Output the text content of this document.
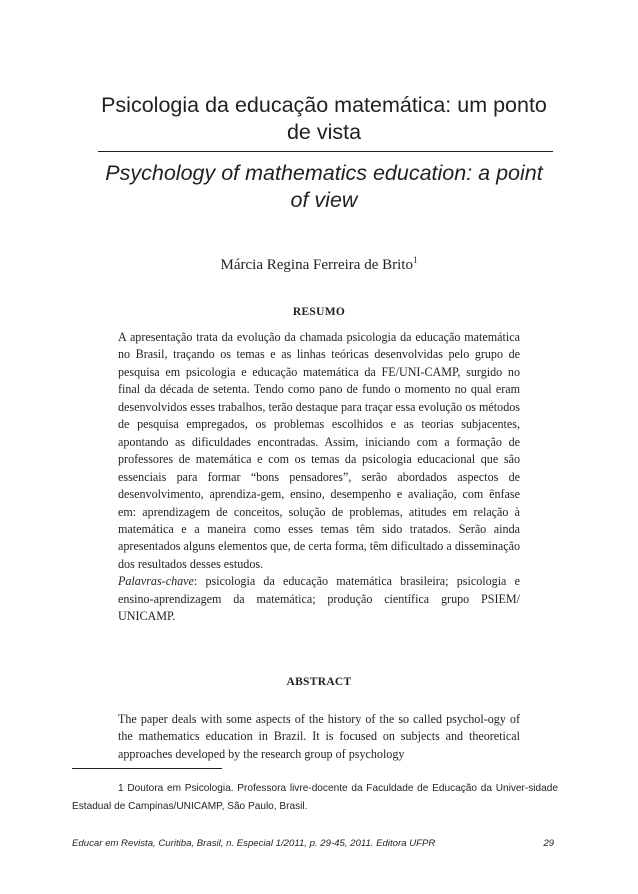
Psicologia da educação matemática: um ponto de vista
Psychology of mathematics education: a point of view
Márcia Regina Ferreira de Brito$^1$
RESUMO

A apresentação trata da evolução da chamada psicologia da educação matemática no Brasil, traçando os temas e as linhas teóricas desenvolvidas pelo grupo de pesquisa em psicologia e educação matemática da FE/UNI-CAMP, surgido no final da década de setenta. Tendo como pano de fundo o momento no qual eram desenvolvidos esses trabalhos, terão destaque para traçar essa evolução os métodos de pesquisa empregados, os problemas escolhidos e as teorias subjacentes, apontando as dificuldades encontradas. Assim, iniciando com a formação de professores de matemática e com os temas da psicologia educacional que são essenciais para formar “bons pensadores”, serão abordados aspectos de desenvolvimento, aprendiza-gem, ensino, desempenho e avaliação, com ênfase em: aprendizagem de conceitos, solução de problemas, atitudes em relação à matemática e a maneira como esses temas têm sido tratados. Serão ainda apresentados alguns elementos que, de certa forma, têm dificultado a disseminação dos resultados desses estudos.
Palavras-chave: psicologia da educação matemática brasileira; psicologia e ensino-aprendizagem da matemática; produção científica grupo PSIEM/ UNICAMP.

ABSTRACT

The paper deals with some aspects of the history of the so called psychol-ogy of the mathematics education in Brazil. It is focused on subjects and theoretical approaches developed by the research group of psychology

1 Doutora em Psicologia. Professora livre-docente da Faculdade de Educação da Univer-sidade Estadual de Campinas/UNICAMP, São Paulo, Brasil.

Educar em Revista, Curitiba, Brasil, n. Especial 1/2011, p. 29-45, 2011. Editora UFPR	29
